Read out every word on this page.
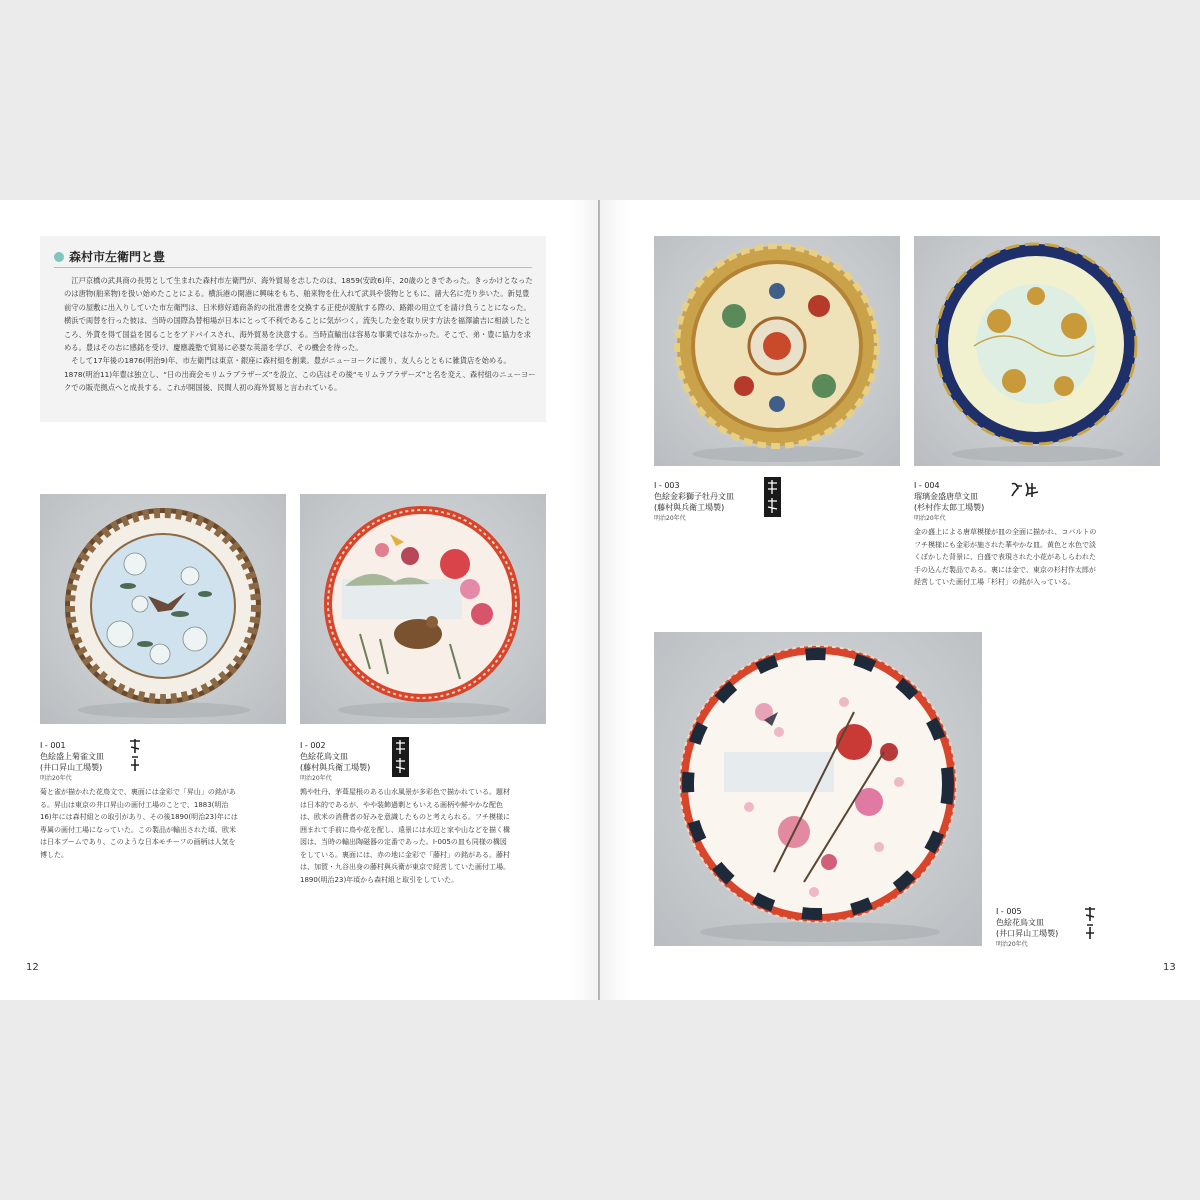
森村市左衛門と豊

江戸京橋の武具商の長男として生まれた森村市左衛門が、海外貿易を志したのは、1859(安政6)年、20歳のときであった。きっかけとなったのは唐物(舶来物)を扱い始めたことによる。横浜港の開港に興味をもち、舶来物を仕入れて武具や袋物とともに、諸大名に売り歩いた。新見豊前守の屋敷に出入りしていた市左衛門は、日米修好通商条約の批准書を交換する正使が渡航する際の、路銀の用立てを請け負うことになった。横浜で両替を行った彼は、当時の国際為替相場が日本にとって不利であることに気がつく。流失した金を取り戻す方法を福澤諭吉に相談したところ、外貨を得て国益を図ることをアドバイスされ、海外貿易を決意する。当時直輸出は容易な事業ではなかった。そこで、弟・豊に協力を求める。豊はその志に感銘を受け、慶應義塾で貿易に必要な英語を学び、その機会を待った。

そして17年後の1876(明治9)年、市左衛門は東京・銀座に森村組を創業。豊がニューヨークに渡り、友人らとともに雑貨店を始める。1878(明治11)年豊は独立し、“日の出商会モリムラブラザーズ”を設立、この店はその後“モリムラブラザーズ”と名を変え、森村組のニューヨークでの販売拠点へと成長する。これが開国後、民間人初の海外貿易と言われている。

I - 001
色絵盛上菊雀文皿
(井口昇山工場製)
明治20年代
菊と雀が描かれた花鳥文で、裏面には金彩で「昇山」の銘がある。昇山は東京の井口昇山の画付工場のことで、1883(明治16)年には森村組との取引があり、その後1890(明治23)年には専属の画付工場になっていた。この製品が輸出された頃、欧米は日本ブームであり、このような日本モチーフの画柄は人気を博した。
I - 002
色絵花鳥文皿
(藤村與兵衛工場製)
明治20年代
鶉や牡丹、茅葺屋根のある山水風景が多彩色で描かれている。題材は日本的であるが、やや装飾過剰ともいえる画柄や鮮やかな配色は、欧米の消費者の好みを意識したものと考えられる。フチ模様に囲まれて手前に鳥や花を配し、遠景には水辺と家や山などを描く構図は、当時の輸出陶磁器の定番であった。I-005の皿も同様の構図をしている。裏面には、赤の地に金彩で「藤村」の銘がある。藤村は、加賀・九谷出身の藤村與兵衛が東京で経営していた画付工場。1890(明治23)年頃から森村組と取引をしていた。
12
I - 003
色絵金彩獅子牡丹文皿
(藤村與兵衛工場製)
明治20年代
I - 004
瑠璃金盛唐草文皿
(杉村作太郎工場製)
明治20年代
金の盛上による唐草模様が皿の全面に描かれ、コバルトのフチ模様にも金彩が施された華やかな皿。黄色と水色で淡くぼかした背景に、白盛で表現された小花があしらわれた手の込んだ製品である。裏には金で、東京の杉村作太郎が経営していた画付工場「杉村」の銘が入っている。
I - 005
色絵花鳥文皿
(井口昇山工場製)
明治20年代
13
